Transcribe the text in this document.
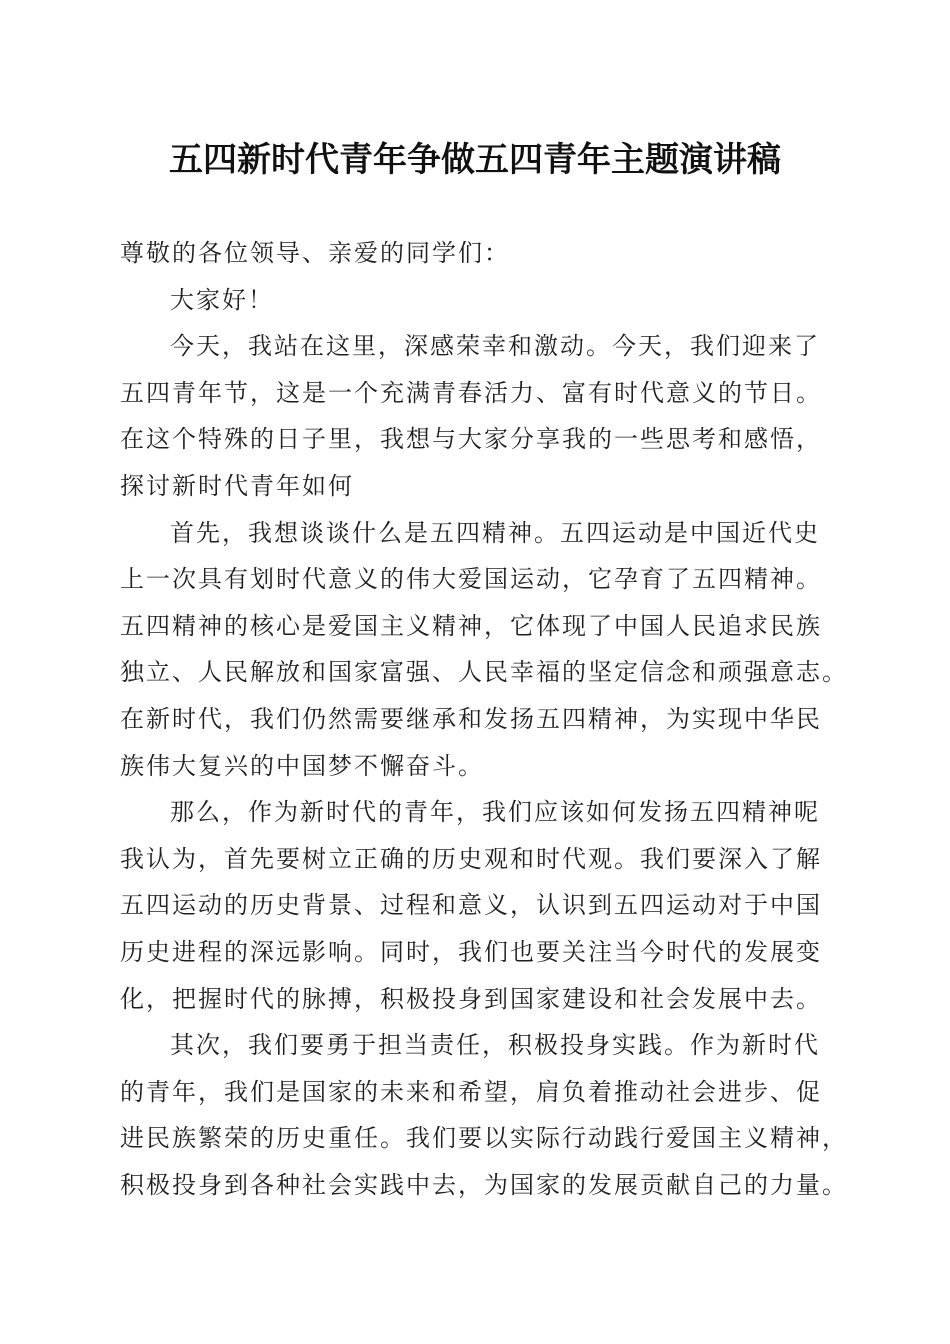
五四新时代青年争做五四青年主题演讲稿
尊敬的各位领导、亲爱的同学们：
大家好！
今天，我站在这里，深感荣幸和激动。今天，我们迎来了
五四青年节，这是一个充满青春活力、富有时代意义的节日。
在这个特殊的日子里，我想与大家分享我的一些思考和感悟，
探讨新时代青年如何
首先，我想谈谈什么是五四精神。五四运动是中国近代史
上一次具有划时代意义的伟大爱国运动，它孕育了五四精神。
五四精神的核心是爱国主义精神，它体现了中国人民追求民族
独立、人民解放和国家富强、人民幸福的坚定信念和顽强意志。
在新时代，我们仍然需要继承和发扬五四精神，为实现中华民
族伟大复兴的中国梦不懈奋斗。
那么，作为新时代的青年，我们应该如何发扬五四精神呢
我认为，首先要树立正确的历史观和时代观。我们要深入了解
五四运动的历史背景、过程和意义，认识到五四运动对于中国
历史进程的深远影响。同时，我们也要关注当今时代的发展变
化，把握时代的脉搏，积极投身到国家建设和社会发展中去。
其次，我们要勇于担当责任，积极投身实践。作为新时代
的青年，我们是国家的未来和希望，肩负着推动社会进步、促
进民族繁荣的历史重任。我们要以实际行动践行爱国主义精神，
积极投身到各种社会实践中去，为国家的发展贡献自己的力量。
